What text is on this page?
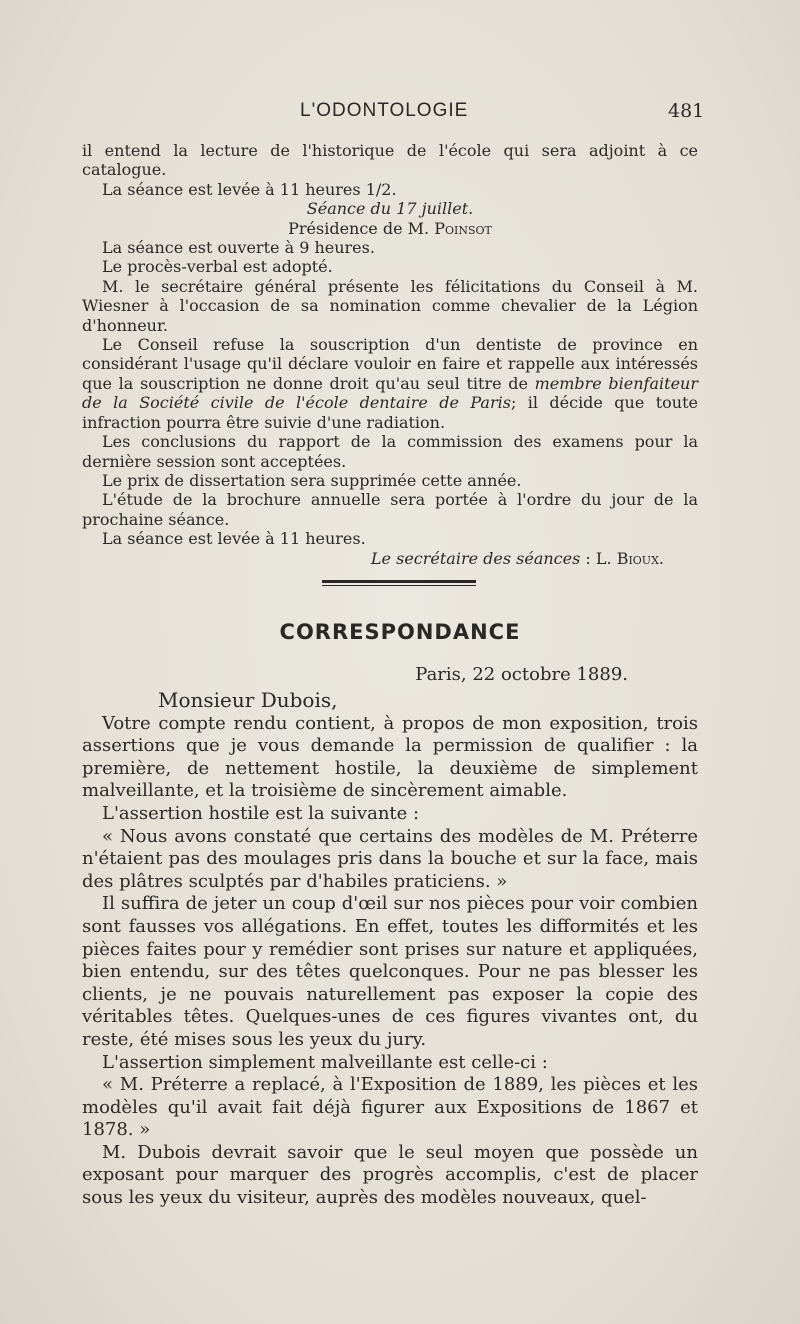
L'ODONTOLOGIE	481

il entend la lecture de l'historique de l'école qui sera adjoint à ce catalogue.

La séance est levée à 11 heures 1/2.

Séance du 17 juillet.

Présidence de M. Poinsot

La séance est ouverte à 9 heures.

Le procès-verbal est adopté.

M. le secrétaire général présente les félicitations du Conseil à M. Wiesner à l'occasion de sa nomination comme chevalier de la Légion d'honneur.

Le Conseil refuse la souscription d'un dentiste de province en considérant l'usage qu'il déclare vouloir en faire et rappelle aux intéressés que la souscription ne donne droit qu'au seul titre de membre bienfaiteur de la Société civile de l'école dentaire de Paris; il décide que toute infraction pourra être suivie d'une radiation.

Les conclusions du rapport de la commission des examens pour la dernière session sont acceptées.

Le prix de dissertation sera supprimée cette année.

L'étude de la brochure annuelle sera portée à l'ordre du jour de la prochaine séance.

La séance est levée à 11 heures.

Le secrétaire des séances : L. Bioux.

CORRESPONDANCE

Paris, 22 octobre 1889.

Monsieur Dubois,

Votre compte rendu contient, à propos de mon exposition, trois assertions que je vous demande la permission de qualifier : la première, de nettement hostile, la deuxième de simplement malveillante, et la troisième de sincèrement aimable.

L'assertion hostile est la suivante :

« Nous avons constaté que certains des modèles de M. Préterre n'étaient pas des moulages pris dans la bouche et sur la face, mais des plâtres sculptés par d'habiles praticiens. »

Il suffira de jeter un coup d'œil sur nos pièces pour voir combien sont fausses vos allégations. En effet, toutes les difformités et les pièces faites pour y remédier sont prises sur nature et appliquées, bien entendu, sur des têtes quelconques. Pour ne pas blesser les clients, je ne pouvais naturellement pas exposer la copie des véritables têtes. Quelques-unes de ces figures vivantes ont, du reste, été mises sous les yeux du jury.

L'assertion simplement malveillante est celle-ci :

« M. Préterre a replacé, à l'Exposition de 1889, les pièces et les modèles qu'il avait fait déjà figurer aux Expositions de 1867 et 1878. »

M. Dubois devrait savoir que le seul moyen que possède un exposant pour marquer des progrès accomplis, c'est de placer sous les yeux du visiteur, auprès des modèles nouveaux, quel-
